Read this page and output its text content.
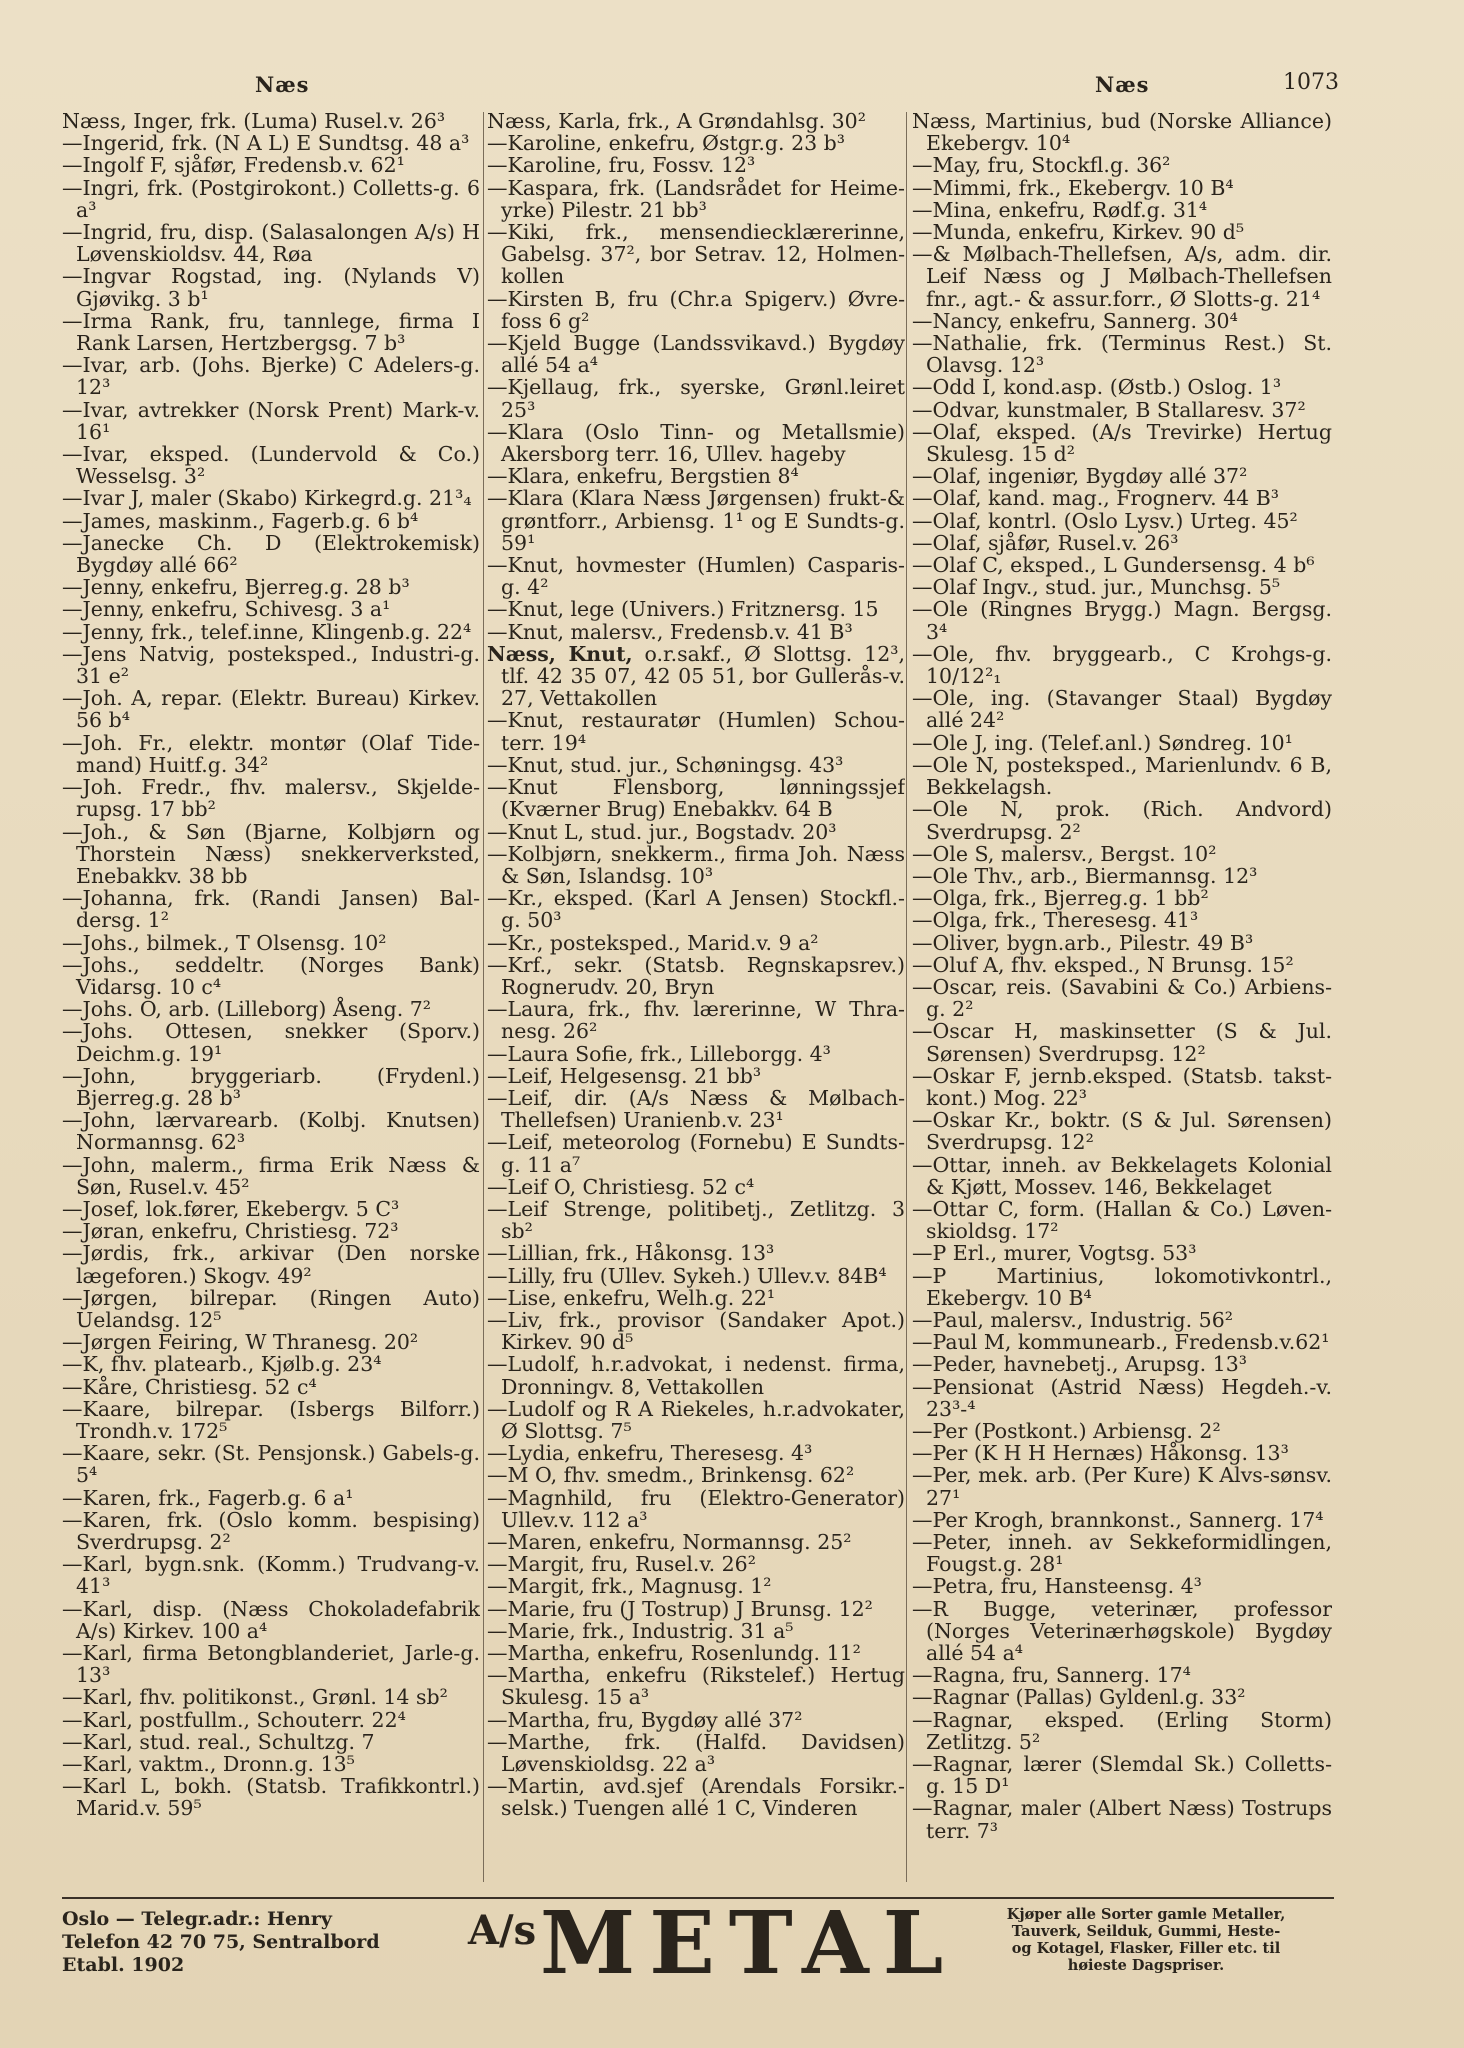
Næs	Næs	1073

Næss, Inger, frk. (Luma) Rusel.v. 26³

—Ingerid, frk. (N A L) E Sundtsg. 48 a³

—Ingolf F, sjåfør, Fredensb.v. 62¹

—Ingri, frk. (Postgirokont.) Colletts-g. 6 a³

—Ingrid, fru, disp. (Salasalongen A/s) H Løvenskioldsv. 44, Røa

—Ingvar Rogstad, ing. (Nylands V) Gjøvikg. 3 b¹

—Irma Rank, fru, tannlege, firma I Rank Larsen, Hertzbergsg. 7 b³

—Ivar, arb. (Johs. Bjerke) C Adelers-g. 12³

—Ivar, avtrekker (Norsk Prent) Mark-v. 16¹

—Ivar, eksped. (Lundervold & Co.) Wesselsg. 3²

—Ivar J, maler (Skabo) Kirkegrd.g. 21³₄

—James, maskinm., Fagerb.g. 6 b⁴

—Janecke Ch. D (Elektrokemisk) Bygdøy allé 66²

—Jenny, enkefru, Bjerreg.g. 28 b³

—Jenny, enkefru, Schivesg. 3 a¹

—Jenny, frk., telef.inne, Klingenb.g. 22⁴

—Jens Natvig, posteksped., Industri-g. 31 e²

—Joh. A, repar. (Elektr. Bureau) Kirkev. 56 b⁴

—Joh. Fr., elektr. montør (Olaf Tide-mand) Huitf.g. 34²

—Joh. Fredr., fhv. malersv., Skjelde-rupsg. 17 bb²

—Joh., & Søn (Bjarne, Kolbjørn og Thorstein Næss) snekkerverksted, Enebakkv. 38 bb

—Johanna, frk. (Randi Jansen) Bal-dersg. 1²

—Johs., bilmek., T Olsensg. 10²

—Johs., seddeltr. (Norges Bank) Vidarsg. 10 c⁴

—Johs. O, arb. (Lilleborg) Åseng. 7²

—Johs. Ottesen, snekker (Sporv.) Deichm.g. 19¹

—John, bryggeriarb. (Frydenl.) Bjerreg.g. 28 b³

—John, lærvarearb. (Kolbj. Knutsen) Normannsg. 62³

—John, malerm., firma Erik Næss & Søn, Rusel.v. 45²

—Josef, lok.fører, Ekebergv. 5 C³

—Jøran, enkefru, Christiesg. 72³

—Jørdis, frk., arkivar (Den norske lægeforen.) Skogv. 49²

—Jørgen, bilrepar. (Ringen Auto) Uelandsg. 12⁵

—Jørgen Feiring, W Thranesg. 20²

—K, fhv. platearb., Kjølb.g. 23⁴

—Kåre, Christiesg. 52 c⁴

—Kaare, bilrepar. (Isbergs Bilforr.) Trondh.v. 172⁵

—Kaare, sekr. (St. Pensjonsk.) Gabels-g. 5⁴

—Karen, frk., Fagerb.g. 6 a¹

—Karen, frk. (Oslo komm. bespising) Sverdrupsg. 2²

—Karl, bygn.snk. (Komm.) Trudvang-v. 41³

—Karl, disp. (Næss Chokoladefabrik A/s) Kirkev. 100 a⁴

—Karl, firma Betongblanderiet, Jarle-g. 13³

—Karl, fhv. politikonst., Grønl. 14 sb²

—Karl, postfullm., Schouterr. 22⁴

—Karl, stud. real., Schultzg. 7

—Karl, vaktm., Dronn.g. 13⁵

—Karl L, bokh. (Statsb. Trafikkontrl.) Marid.v. 59⁵

Næss, Karla, frk., A Grøndahlsg. 30²

—Karoline, enkefru, Østgr.g. 23 b³

—Karoline, fru, Fossv. 12³

—Kaspara, frk. (Landsrådet for Heime-yrke) Pilestr. 21 bb³

—Kiki, frk., mensendiecklærerinne, Gabelsg. 37², bor Setrav. 12, Holmen-kollen

—Kirsten B, fru (Chr.a Spigerv.) Øvre-foss 6 g²

—Kjeld Bugge (Landssvikavd.) Bygdøy allé 54 a⁴

—Kjellaug, frk., syerske, Grønl.leiret 25³

—Klara (Oslo Tinn- og Metallsmie) Akersborg terr. 16, Ullev. hageby

—Klara, enkefru, Bergstien 8⁴

—Klara (Klara Næss Jørgensen) frukt-& grøntforr., Arbiensg. 1¹ og E Sundts-g. 59¹

—Knut, hovmester (Humlen) Casparis-g. 4²

—Knut, lege (Univers.) Fritznersg. 15

—Knut, malersv., Fredensb.v. 41 B³

Næss, Knut, o.r.sakf., Ø Slottsg. 12³, tlf. 42 35 07, 42 05 51, bor Gullerås-v. 27, Vettakollen

—Knut, restauratør (Humlen) Schou-terr. 19⁴

—Knut, stud. jur., Schøningsg. 43³

—Knut Flensborg, lønningssjef (Kværner Brug) Enebakkv. 64 B

—Knut L, stud. jur., Bogstadv. 20³

—Kolbjørn, snekkerm., firma Joh. Næss & Søn, Islandsg. 10³

—Kr., eksped. (Karl A Jensen) Stockfl.-g. 50³

—Kr., posteksped., Marid.v. 9 a²

—Krf., sekr. (Statsb. Regnskapsrev.) Rognerudv. 20, Bryn

—Laura, frk., fhv. lærerinne, W Thra-nesg. 26²

—Laura Sofie, frk., Lilleborgg. 4³

—Leif, Helgesensg. 21 bb³

—Leif, dir. (A/s Næss & Mølbach-Thellefsen) Uranienb.v. 23¹

—Leif, meteorolog (Fornebu) E Sundts-g. 11 a⁷

—Leif O, Christiesg. 52 c⁴

—Leif Strenge, politibetj., Zetlitzg. 3 sb²

—Lillian, frk., Håkonsg. 13³

—Lilly, fru (Ullev. Sykeh.) Ullev.v. 84B⁴

—Lise, enkefru, Welh.g. 22¹

—Liv, frk., provisor (Sandaker Apot.) Kirkev. 90 d⁵

—Ludolf, h.r.advokat, i nedenst. firma, Dronningv. 8, Vettakollen

—Ludolf og R A Riekeles, h.r.advokater, Ø Slottsg. 7⁵

—Lydia, enkefru, Theresesg. 4³

—M O, fhv. smedm., Brinkensg. 62²

—Magnhild, fru (Elektro-Generator) Ullev.v. 112 a³

—Maren, enkefru, Normannsg. 25²

—Margit, fru, Rusel.v. 26²

—Margit, frk., Magnusg. 1²

—Marie, fru (J Tostrup) J Brunsg. 12²

—Marie, frk., Industrig. 31 a⁵

—Martha, enkefru, Rosenlundg. 11²

—Martha, enkefru (Rikstelef.) Hertug Skulesg. 15 a³

—Martha, fru, Bygdøy allé 37²

—Marthe, frk. (Halfd. Davidsen) Løvenskioldsg. 22 a³

—Martin, avd.sjef (Arendals Forsikr.-selsk.) Tuengen allé 1 C, Vinderen

Næss, Martinius, bud (Norske Alliance) Ekebergv. 10⁴

—May, fru, Stockfl.g. 36²

—Mimmi, frk., Ekebergv. 10 B⁴

—Mina, enkefru, Rødf.g. 31⁴

—Munda, enkefru, Kirkev. 90 d⁵

—& Mølbach-Thellefsen, A/s, adm. dir. Leif Næss og J Mølbach-Thellefsen fnr., agt.- & assur.forr., Ø Slotts-g. 21⁴

—Nancy, enkefru, Sannerg. 30⁴

—Nathalie, frk. (Terminus Rest.) St. Olavsg. 12³

—Odd I, kond.asp. (Østb.) Oslog. 1³

—Odvar, kunstmaler, B Stallaresv. 37²

—Olaf, eksped. (A/s Trevirke) Hertug Skulesg. 15 d²

—Olaf, ingeniør, Bygdøy allé 37²

—Olaf, kand. mag., Frognerv. 44 B³

—Olaf, kontrl. (Oslo Lysv.) Urteg. 45²

—Olaf, sjåfør, Rusel.v. 26³

—Olaf C, eksped., L Gundersensg. 4 b⁶

—Olaf Ingv., stud. jur., Munchsg. 5⁵

—Ole (Ringnes Brygg.) Magn. Bergsg. 3⁴

—Ole, fhv. bryggearb., C Krohgs-g. 10/12²₁

—Ole, ing. (Stavanger Staal) Bygdøy allé 24²

—Ole J, ing. (Telef.anl.) Søndreg. 10¹

—Ole N, posteksped., Marienlundv. 6 B, Bekkelagsh.

—Ole N, prok. (Rich. Andvord) Sverdrupsg. 2²

—Ole S, malersv., Bergst. 10²

—Ole Thv., arb., Biermannsg. 12³

—Olga, frk., Bjerreg.g. 1 bb²

—Olga, frk., Theresesg. 41³

—Oliver, bygn.arb., Pilestr. 49 B³

—Oluf A, fhv. eksped., N Brunsg. 15²

—Oscar, reis. (Savabini & Co.) Arbiens-g. 2²

—Oscar H, maskinsetter (S & Jul. Sørensen) Sverdrupsg. 12²

—Oskar F, jernb.eksped. (Statsb. takst-kont.) Mog. 22³

—Oskar Kr., boktr. (S & Jul. Sørensen) Sverdrupsg. 12²

—Ottar, inneh. av Bekkelagets Kolonial & Kjøtt, Mossev. 146, Bekkelaget

—Ottar C, form. (Hallan & Co.) Løven-skioldsg. 17²

—P Erl., murer, Vogtsg. 53³

—P Martinius, lokomotivkontrl., Ekebergv. 10 B⁴

—Paul, malersv., Industrig. 56²

—Paul M, kommunearb., Fredensb.v.62¹

—Peder, havnebetj., Arupsg. 13³

—Pensionat (Astrid Næss) Hegdeh.-v. 23³-⁴

—Per (Postkont.) Arbiensg. 2²

—Per (K H H Hernæs) Håkonsg. 13³

—Per, mek. arb. (Per Kure) K Alvs-sønsv. 27¹

—Per Krogh, brannkonst., Sannerg. 17⁴

—Peter, inneh. av Sekkeformidlingen, Fougst.g. 28¹

—Petra, fru, Hansteensg. 4³

—R Bugge, veterinær, professor (Norges Veterinærhøgskole) Bygdøy allé 54 a⁴

—Ragna, fru, Sannerg. 17⁴

—Ragnar (Pallas) Gyldenl.g. 33²

—Ragnar, eksped. (Erling Storm) Zetlitzg. 5²

—Ragnar, lærer (Slemdal Sk.) Colletts-g. 15 D¹

—Ragnar, maler (Albert Næss) Tostrups terr. 7³

Oslo — Telegr.adr.: Henry
Telefon 42 70 75, Sentralbord
Etabl. 1902
A/s METAL	Kjøper alle Sorter gamle Metaller,
Tauverk, Seilduk, Gummi, Heste-
og Kotagel, Flasker, Filler etc. til
høieste Dagspriser.
